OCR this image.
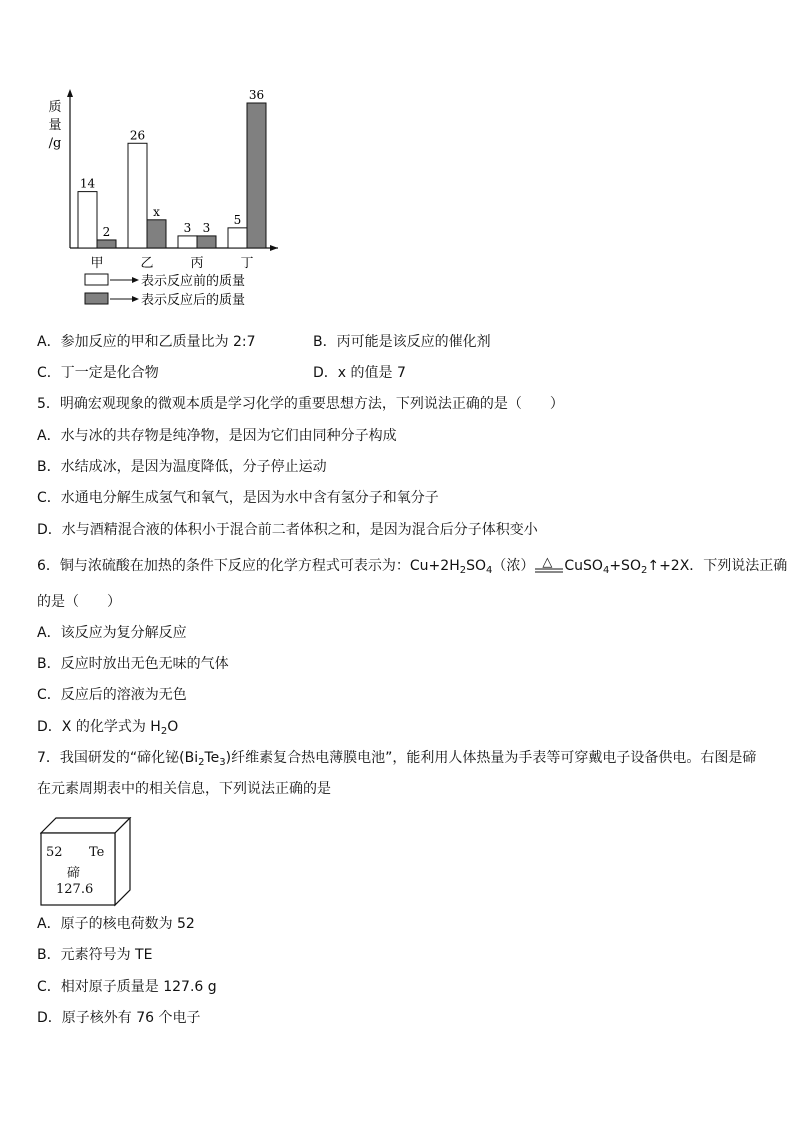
质
量
/g
14
2
甲
26
x
乙
3 3
丙
5
36
丁
表示反应前的质量
表示反应后的质量
A．参加反应的甲和乙质量比为 2:7	B．丙可能是该反应的催化剂
C．丁一定是化合物	D．x 的值是 7
5．明确宏观现象的微观本质是学习化学的重要思想方法，下列说法正确的是（　　）
A．水与冰的共存物是纯净物，是因为它们由同种分子构成
B．水结成冰，是因为温度降低，分子停止运动
C．水通电分解生成氢气和氧气，是因为水中含有氢分子和氧分子
D．水与酒精混合液的体积小于混合前二者体积之和，是因为混合后分子体积变小
6．铜与浓硫酸在加热的条件下反应的化学方程式可表示为：$Cu+2H_2SO_4$（浓） △ $CuSO_4+SO_2↑+2X$．下列说法正确
的是（　　）
A．该反应为复分解反应
B．反应时放出无色无味的气体
C．反应后的溶液为无色
D．X 的化学式为 $H_2O$
7．我国研发的“碲化铋$(Bi_2Te_3)$纤维素复合热电薄膜电池”，能利用人体热量为手表等可穿戴电子设备供电。右图是碲
在元素周期表中的相关信息，下列说法正确的是
52 Te
碲
127.6
A．原子的核电荷数为 52
B．元素符号为 TE
C．相对原子质量是 127.6 g
D．原子核外有 76 个电子
